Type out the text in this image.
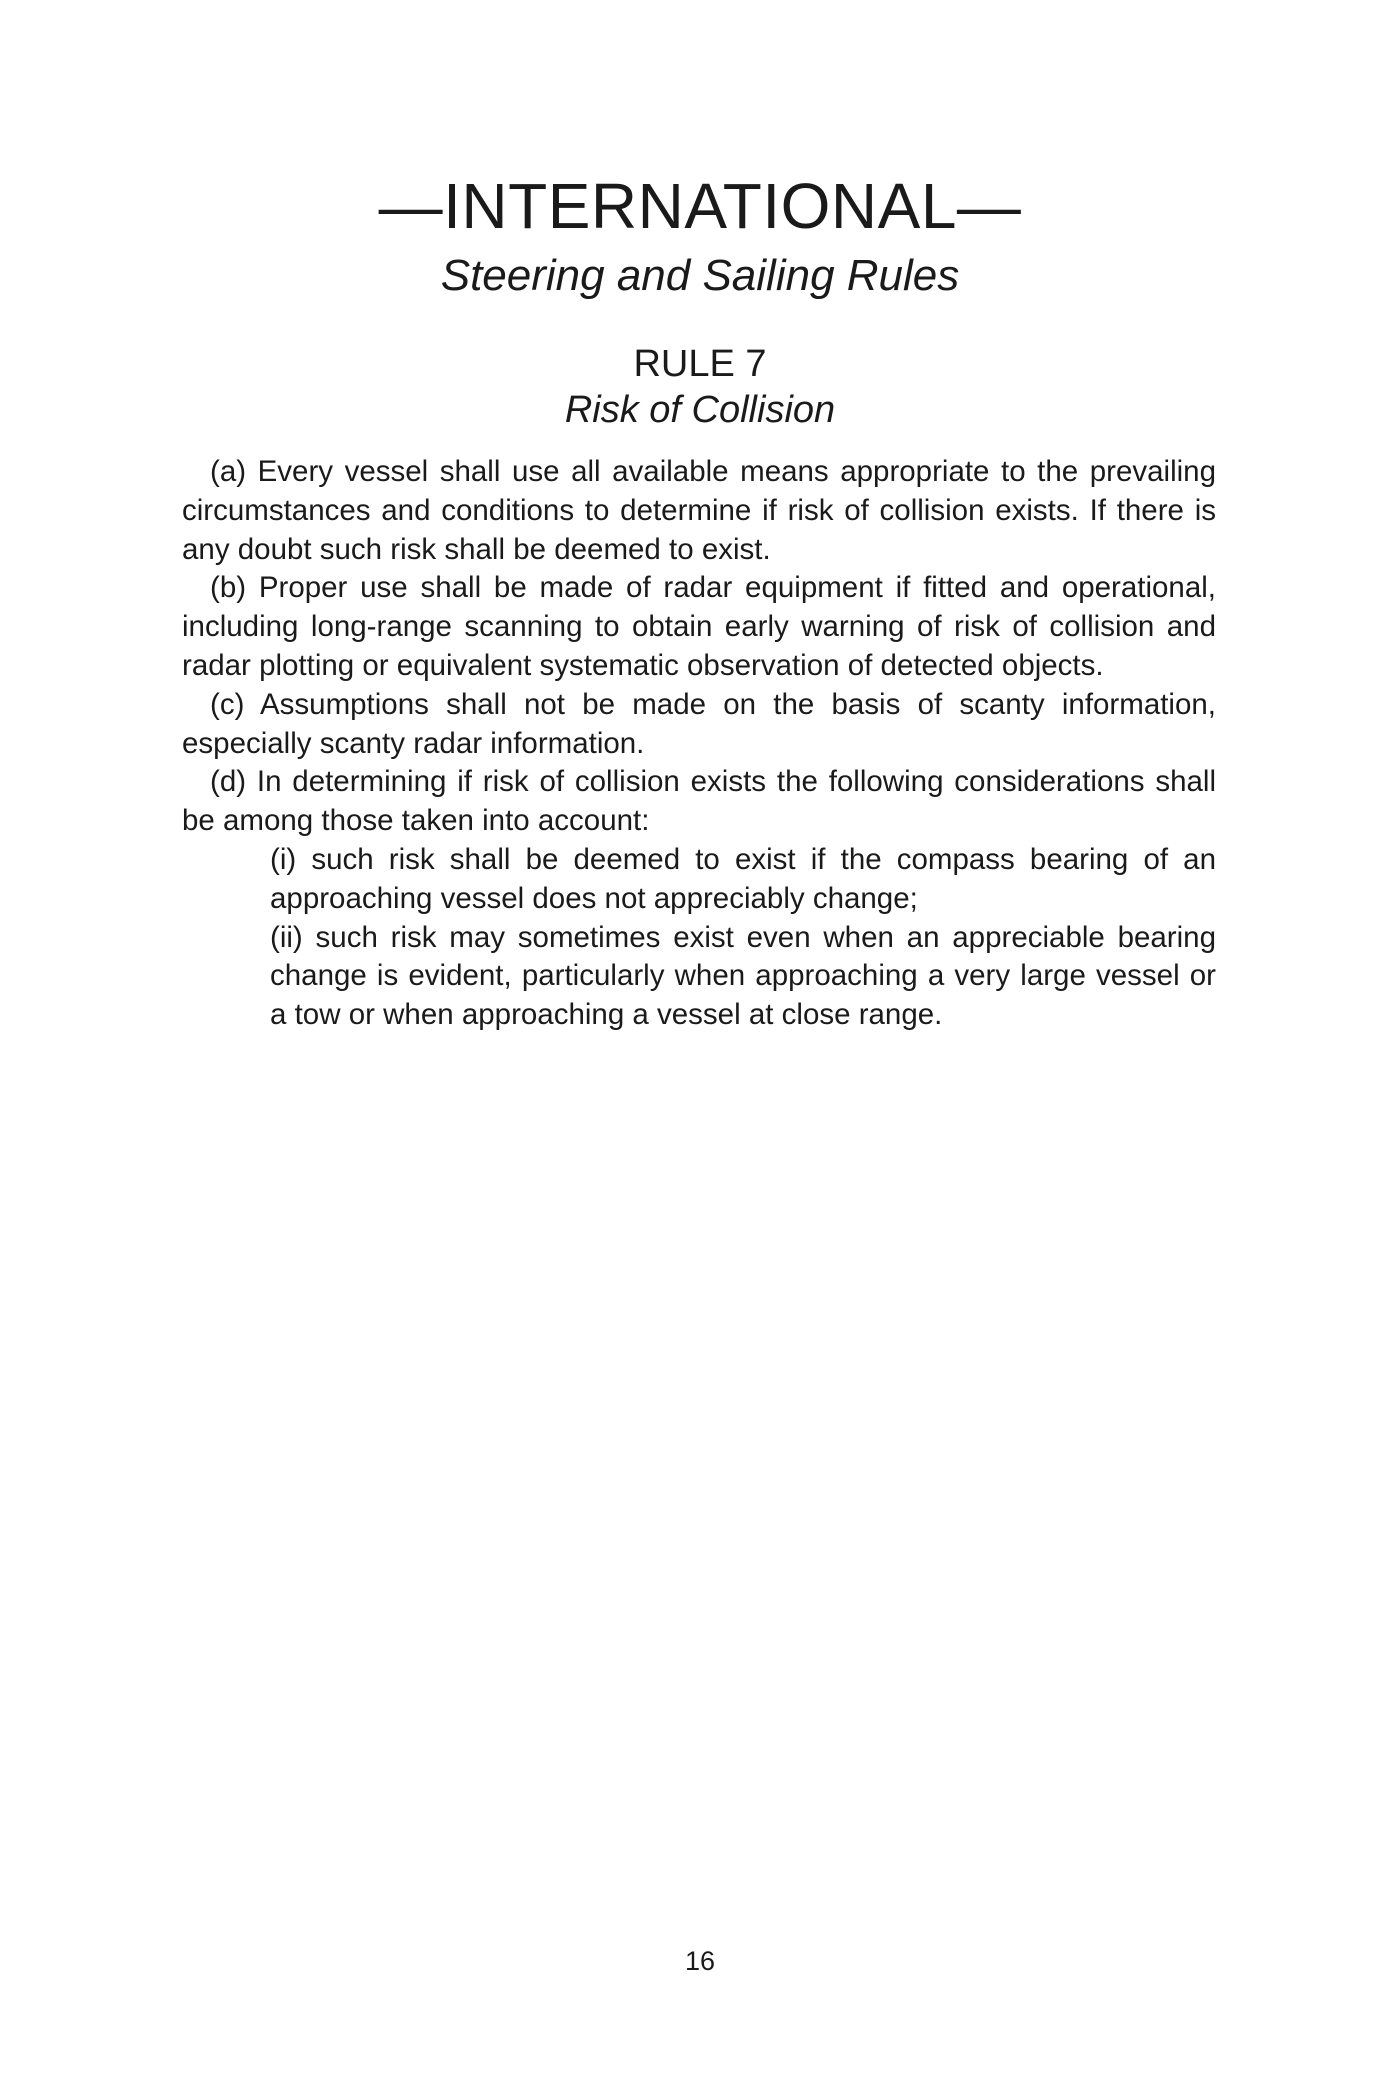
—INTERNATIONAL—
Steering and Sailing Rules
RULE 7
Risk of Collision

(a) Every vessel shall use all available means appropriate to the prevailing circumstances and conditions to determine if risk of collision exists. If there is any doubt such risk shall be deemed to exist.

(b) Proper use shall be made of radar equipment if fitted and operational, including long-range scanning to obtain early warning of risk of collision and radar plotting or equivalent systematic observation of detected objects.

(c) Assumptions shall not be made on the basis of scanty information, especially scanty radar information.

(d) In determining if risk of collision exists the following considerations shall be among those taken into account:

(i) such risk shall be deemed to exist if the compass bearing of an approaching vessel does not appreciably change;

(ii) such risk may sometimes exist even when an appreciable bearing change is evident, particularly when approaching a very large vessel or a tow or when approaching a vessel at close range.

16
